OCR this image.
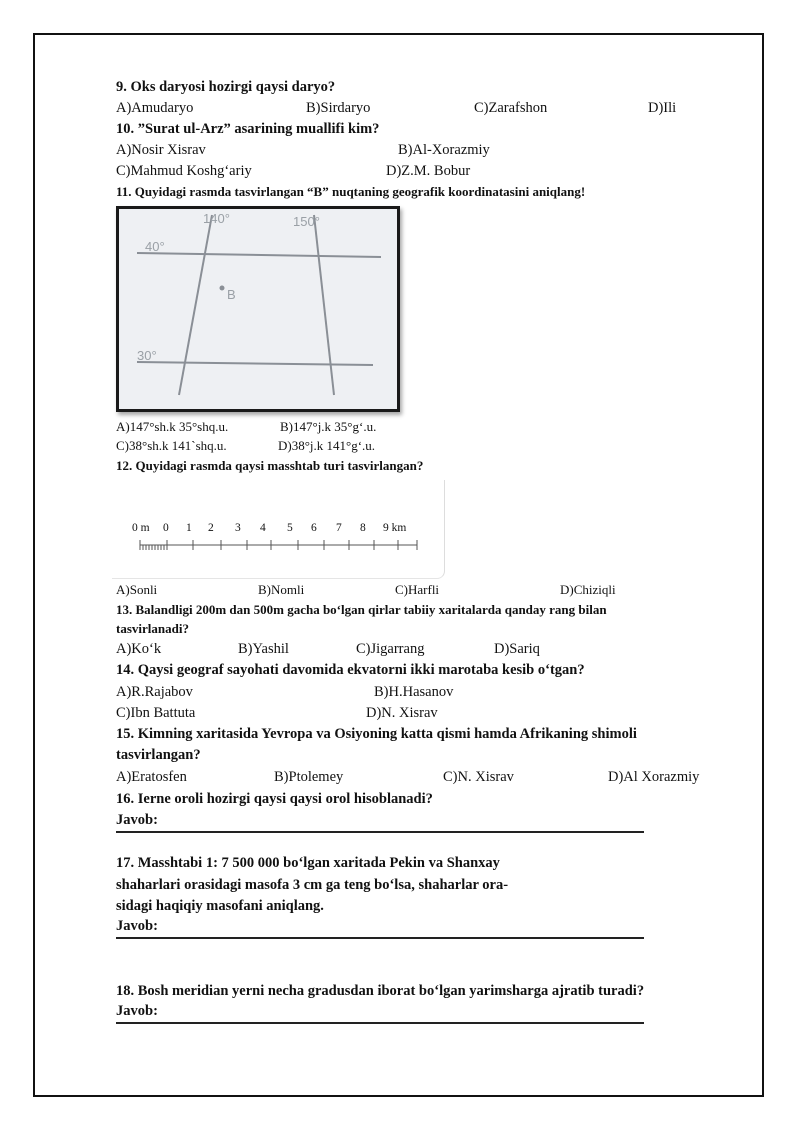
9. Oks daryosi hozirgi qaysi daryo?
A)Amudaryo	B)Sirdaryo	C)Zarafshon	D)Ili
10. ”Surat ul-Arz” asarining muallifi kim?
A)Nosir Xisrav	B)Al-Xorazmiy
C)Mahmud Koshg‘ariy	D)Z.M. Bobur
11. Quyidagi rasmda tasvirlangan “B” nuqtaning geografik koordinatasini aniqlang!
140°	150°
40°
30°
B
A)147°sh.k 35°shq.u.	B)147°j.k 35°g‘.u.
C)38°sh.k 141`shq.u.	D)38°j.k 141°g‘.u.
12. Quyidagi rasmda qaysi masshtab turi tasvirlangan?
0 m 0 1 2 3 4 5 6 7 8 9 km
A)Sonli	B)Nomli	C)Harfli	D)Chiziqli
13. Balandligi 200m dan 500m gacha bo‘lgan qirlar tabiiy xaritalarda qanday rang bilan
tasvirlanadi?
A)Ko‘k	B)Yashil	C)Jigarrang	D)Sariq
14. Qaysi geograf sayohati davomida ekvatorni ikki marotaba kesib o‘tgan?
A)R.Rajabov	B)H.Hasanov
C)Ibn Battuta	D)N. Xisrav
15. Kimning xaritasida Yevropa va Osiyoning katta qismi hamda Afrikaning shimoli
tasvirlangan?
A)Eratosfen	B)Ptolemey	C)N. Xisrav	D)Al Xorazmiy
16. Ierne oroli hozirgi qaysi qaysi orol hisoblanadi?
Javob:
17. Masshtabi 1: 7 500 000 bo‘lgan xaritada Pekin va Shanxay
shaharlari orasidagi masofa 3 cm ga teng bo‘lsa, shaharlar ora-
sidagi haqiqiy masofani aniqlang.
Javob:
18. Bosh meridian yerni necha gradusdan iborat bo‘lgan yarimsharga ajratib turadi?
Javob:
